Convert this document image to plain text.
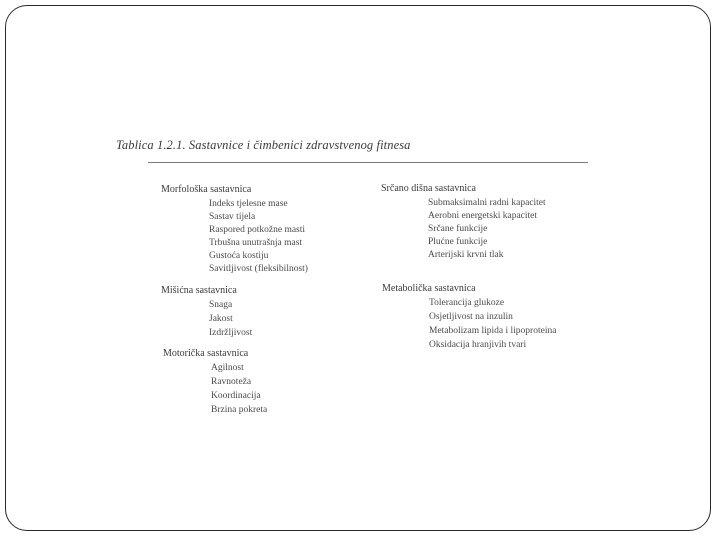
Tablica 1.2.1. Sastavnice i čimbenici zdravstvenog fitnesa
Morfološka sastavnica
Indeks tjelesne mase
Sastav tijela
Raspored potkožne masti
Trbušna unutrašnja mast
Gustoća kostiju
Savitljivost (fleksibilnost)
Mišićna sastavnica
Snaga
Jakost
Izdržljivost
Motorička sastavnica
Agilnost
Ravnoteža
Koordinacija
Brzina pokreta
Srčano dišna sastavnica
Submaksimalni radni kapacitet
Aerobni energetski kapacitet
Srčane funkcije
Plućne funkcije
Arterijski krvni tlak
Metabolička sastavnica
Tolerancija glukoze
Osjetljivost na inzulin
Metabolizam lipida i lipoproteina
Oksidacija hranjivih tvari
